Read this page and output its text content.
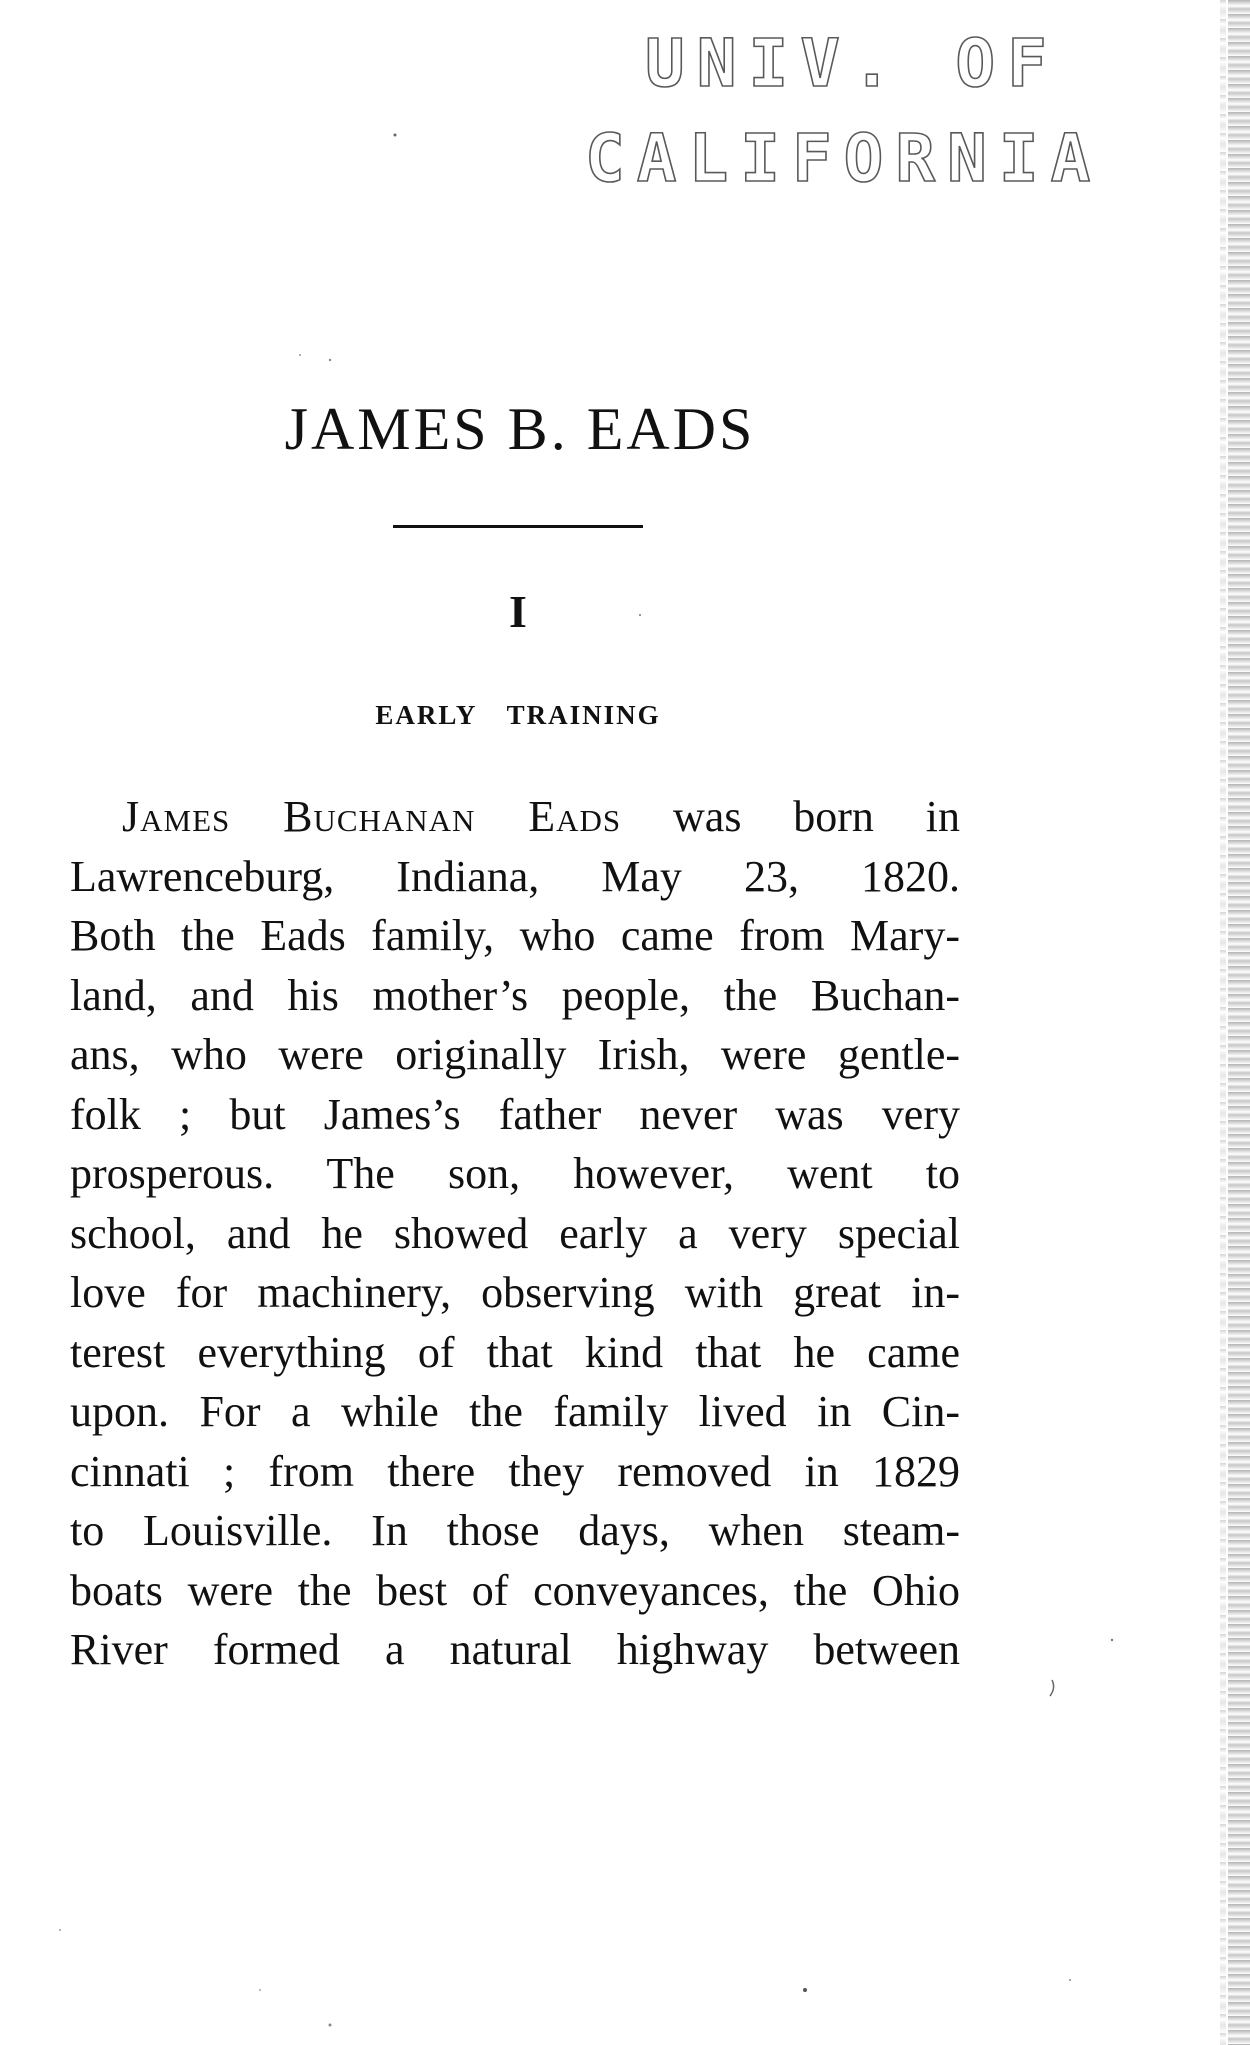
UNIV. OF
CALIFORNIA
JAMES B. EADS
I
EARLY TRAINING
James Buchanan Eads was born in
Lawrenceburg, Indiana, May 23, 1820.
Both the Eads family, who came from Mary-
land, and his mother’s people, the Buchan-
ans, who were originally Irish, were gentle-
folk ; but James’s father never was very
prosperous. The son, however, went to
school, and he showed early a very special
love for machinery, observing with great in-
terest everything of that kind that he came
upon. For a while the family lived in Cin-
cinnati ; from there they removed in 1829
to Louisville. In those days, when steam-
boats were the best of conveyances, the Ohio
River formed a natural highway between
